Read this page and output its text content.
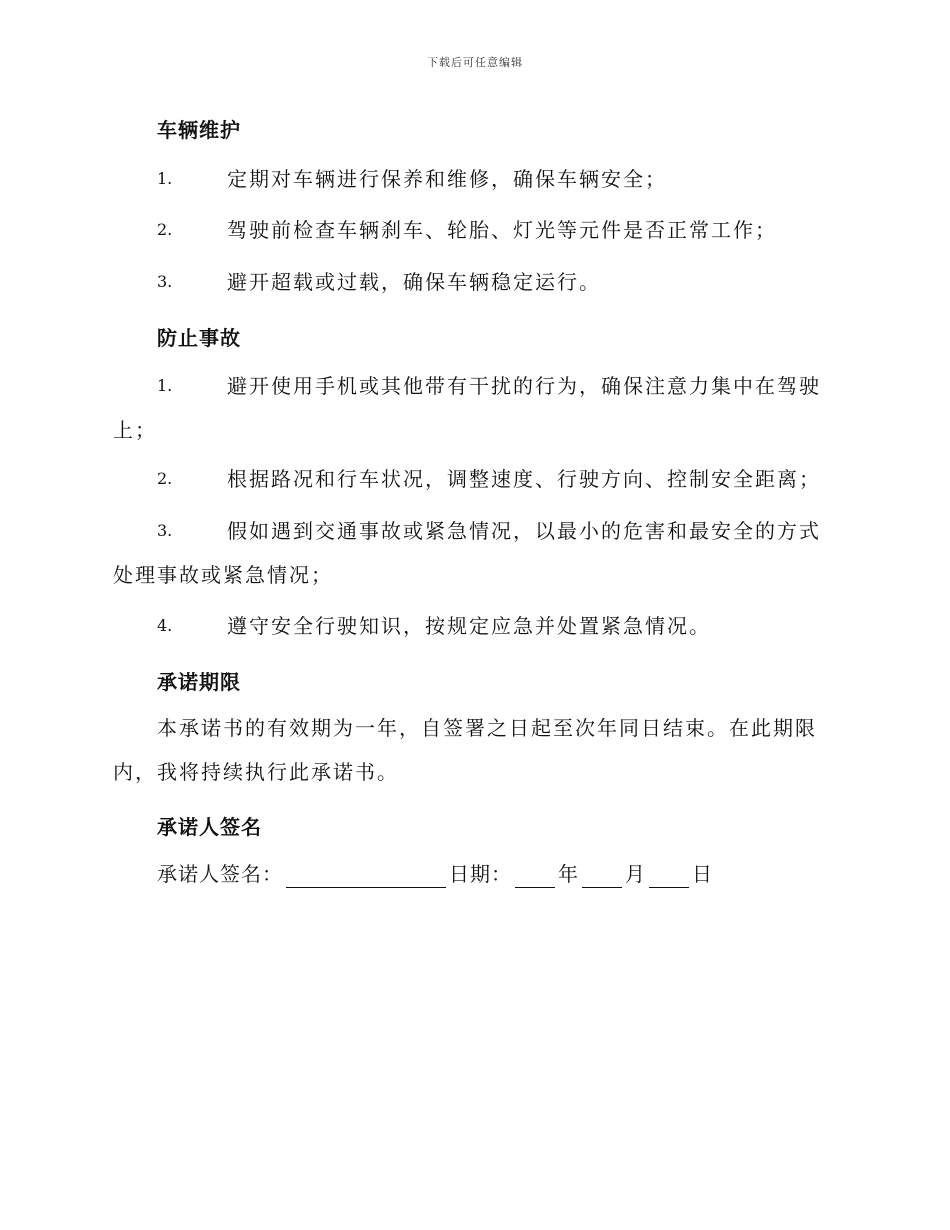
下载后可任意编辑
车辆维护
1.	定期对车辆进行保养和维修，确保车辆安全；
2.	驾驶前检查车辆刹车、轮胎、灯光等元件是否正常工作；
3.	避开超载或过载，确保车辆稳定运行。
防止事故
1.	避开使用手机或其他带有干扰的行为，确保注意力集中在驾驶上；
2.	根据路况和行车状况，调整速度、行驶方向、控制安全距离；
3.	假如遇到交通事故或紧急情况，以最小的危害和最安全的方式处理事故或紧急情况；
4.	遵守安全行驶知识，按规定应急并处置紧急情况。
承诺期限
本承诺书的有效期为一年，自签署之日起至次年同日结束。在此期限内，我将持续执行此承诺书。
承诺人签名
承诺人签名：	日期： 年 月 日
